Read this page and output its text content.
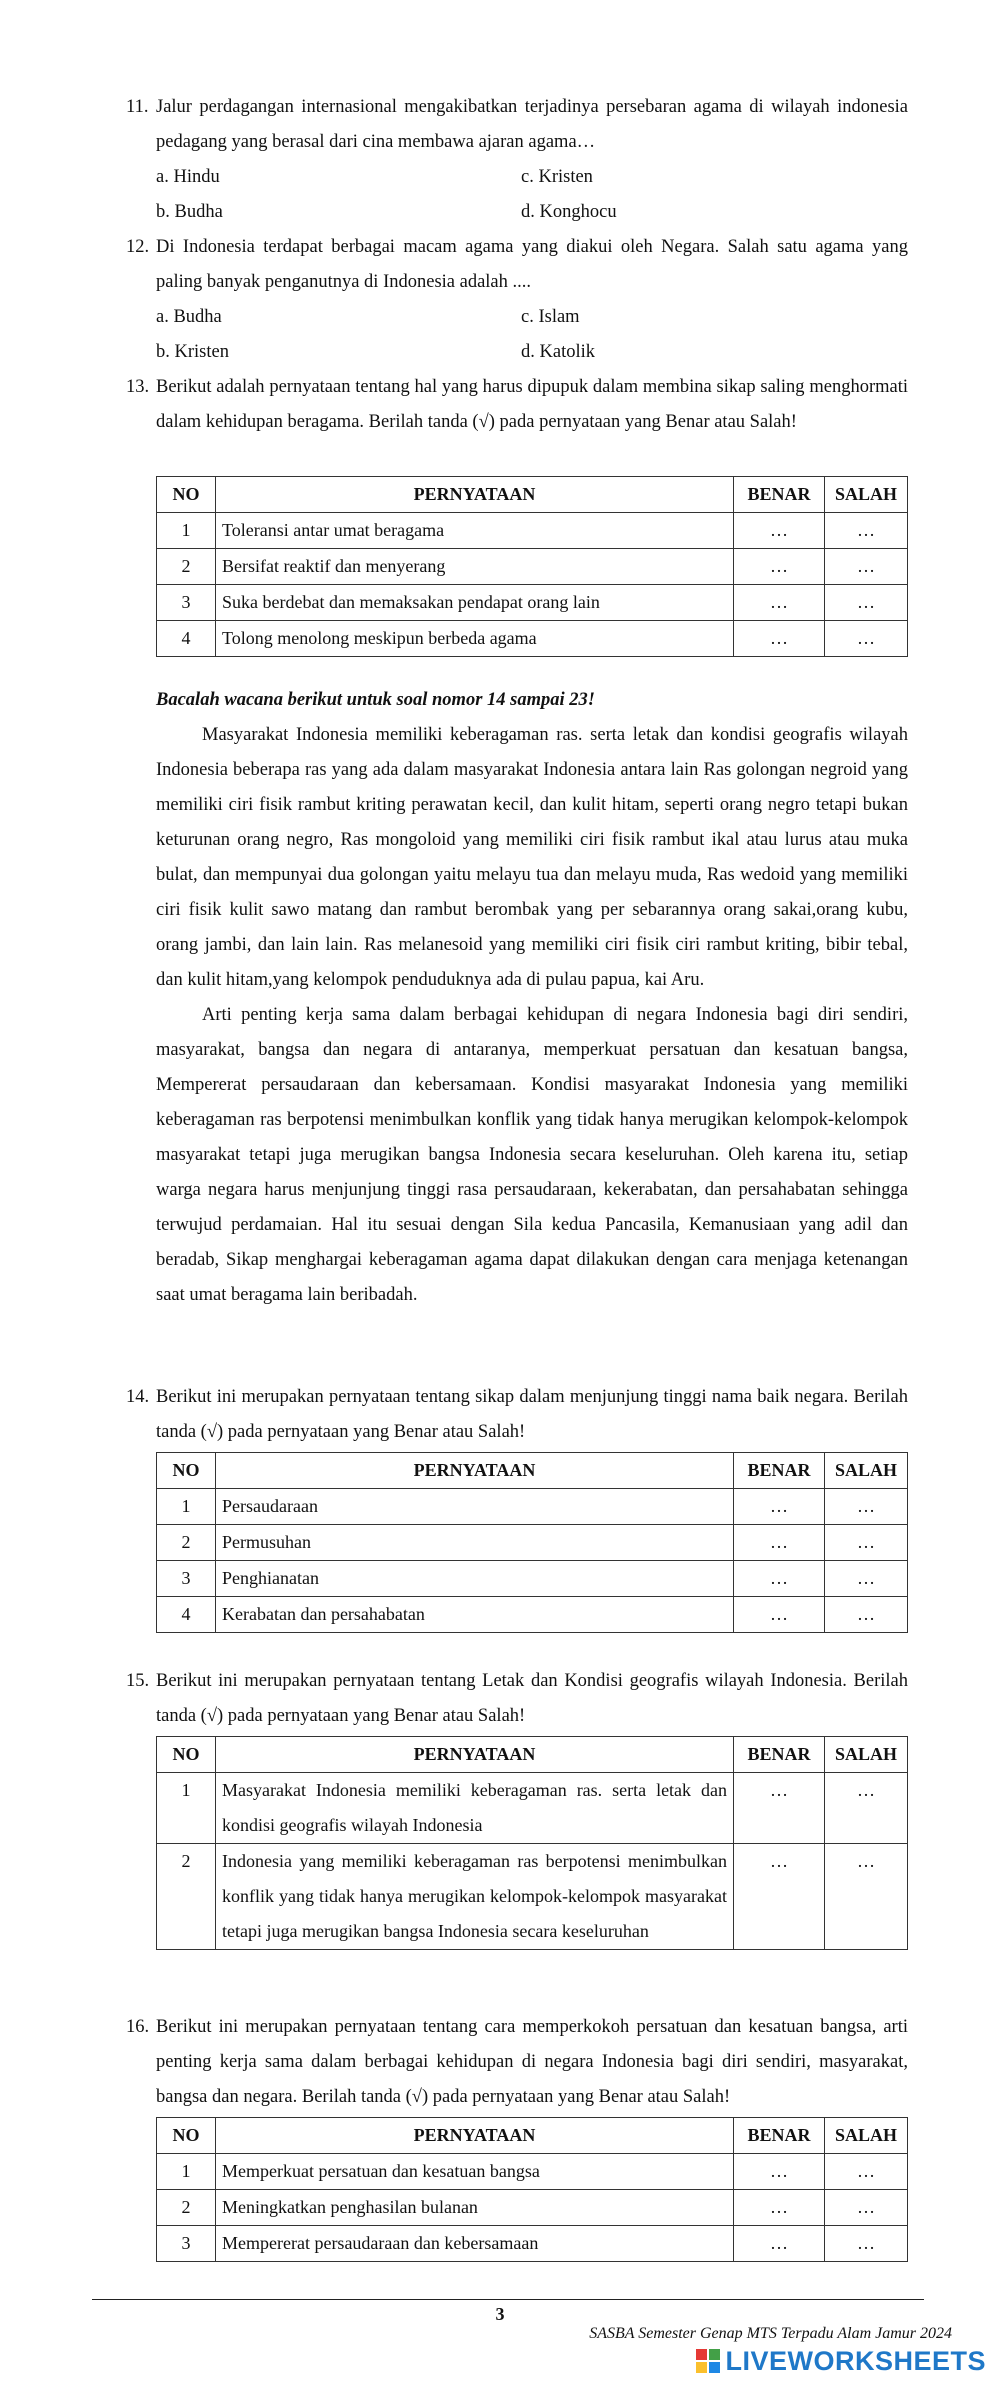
11. Jalur perdagangan internasional mengakibatkan terjadinya persebaran agama di wilayah indonesia pedagang yang berasal dari cina membawa ajaran agama…
a. Hindu	c. Kristen
b. Budha	d. Konghocu
12. Di Indonesia terdapat berbagai macam agama yang diakui oleh Negara. Salah satu agama yang paling banyak penganutnya di Indonesia adalah ....
a. Budha	c. Islam
b. Kristen	d. Katolik
13. Berikut adalah pernyataan tentang hal yang harus dipupuk dalam membina sikap saling menghormati dalam kehidupan beragama. Berilah tanda (√) pada pernyataan yang Benar atau Salah!
NO	PERNYATAAN	BENAR	SALAH
1	Toleransi antar umat beragama	…	…
2	Bersifat reaktif dan menyerang	…	…
3	Suka berdebat dan memaksakan pendapat orang lain	…	…
4	Tolong menolong meskipun berbeda agama	…	…
Bacalah wacana berikut untuk soal nomor 14 sampai 23!

Masyarakat Indonesia memiliki keberagaman ras. serta letak dan kondisi geografis wilayah Indonesia beberapa ras yang ada dalam masyarakat Indonesia antara lain Ras golongan negroid yang memiliki ciri fisik rambut kriting perawatan kecil, dan kulit hitam, seperti orang negro tetapi bukan keturunan orang negro, Ras mongoloid yang memiliki ciri fisik rambut ikal atau lurus atau muka bulat, dan mempunyai dua golongan yaitu melayu tua dan melayu muda, Ras wedoid yang memiliki ciri fisik kulit sawo matang dan rambut berombak yang per sebarannya orang sakai,orang kubu, orang jambi, dan lain lain. Ras melanesoid yang memiliki ciri fisik ciri rambut kriting, bibir tebal, dan kulit hitam,yang kelompok penduduknya ada di pulau papua, kai Aru.

Arti penting kerja sama dalam berbagai kehidupan di negara Indonesia bagi diri sendiri, masyarakat, bangsa dan negara di antaranya, memperkuat persatuan dan kesatuan bangsa, Mempererat persaudaraan dan kebersamaan. Kondisi masyarakat Indonesia yang memiliki keberagaman ras berpotensi menimbulkan konflik yang tidak hanya merugikan kelompok-kelompok masyarakat tetapi juga merugikan bangsa Indonesia secara keseluruhan. Oleh karena itu, setiap warga negara harus menjunjung tinggi rasa persaudaraan, kekerabatan, dan persahabatan sehingga terwujud perdamaian. Hal itu sesuai dengan Sila kedua Pancasila, Kemanusiaan yang adil dan beradab, Sikap menghargai keberagaman agama dapat dilakukan dengan cara menjaga ketenangan saat umat beragama lain beribadah.

14. Berikut ini merupakan pernyataan tentang sikap dalam menjunjung tinggi nama baik negara. Berilah tanda (√) pada pernyataan yang Benar atau Salah!
NO	PERNYATAAN	BENAR	SALAH
1	Persaudaraan	…	…
2	Permusuhan	…	…
3	Penghianatan	…	…
4	Kerabatan dan persahabatan	…	…
15. Berikut ini merupakan pernyataan tentang Letak dan Kondisi geografis wilayah Indonesia. Berilah tanda (√) pada pernyataan yang Benar atau Salah!
NO	PERNYATAAN	BENAR	SALAH
1	Masyarakat Indonesia memiliki keberagaman ras. serta letak dan kondisi geografis wilayah Indonesia	…	…
2	Indonesia yang memiliki keberagaman ras berpotensi menimbulkan konflik yang tidak hanya merugikan kelompok-kelompok masyarakat tetapi juga merugikan bangsa Indonesia secara keseluruhan	…	…
16. Berikut ini merupakan pernyataan tentang cara memperkokoh persatuan dan kesatuan bangsa, arti penting kerja sama dalam berbagai kehidupan di negara Indonesia bagi diri sendiri, masyarakat, bangsa dan negara. Berilah tanda (√) pada pernyataan yang Benar atau Salah!
NO	PERNYATAAN	BENAR	SALAH
1	Memperkuat persatuan dan kesatuan bangsa	…	…
2	Meningkatkan penghasilan bulanan	…	…
3	Mempererat persaudaraan dan kebersamaan	…	…
3
SASBA Semester Genap MTS Terpadu Alam Jamur 2024
LIVEWORKSHEETS
